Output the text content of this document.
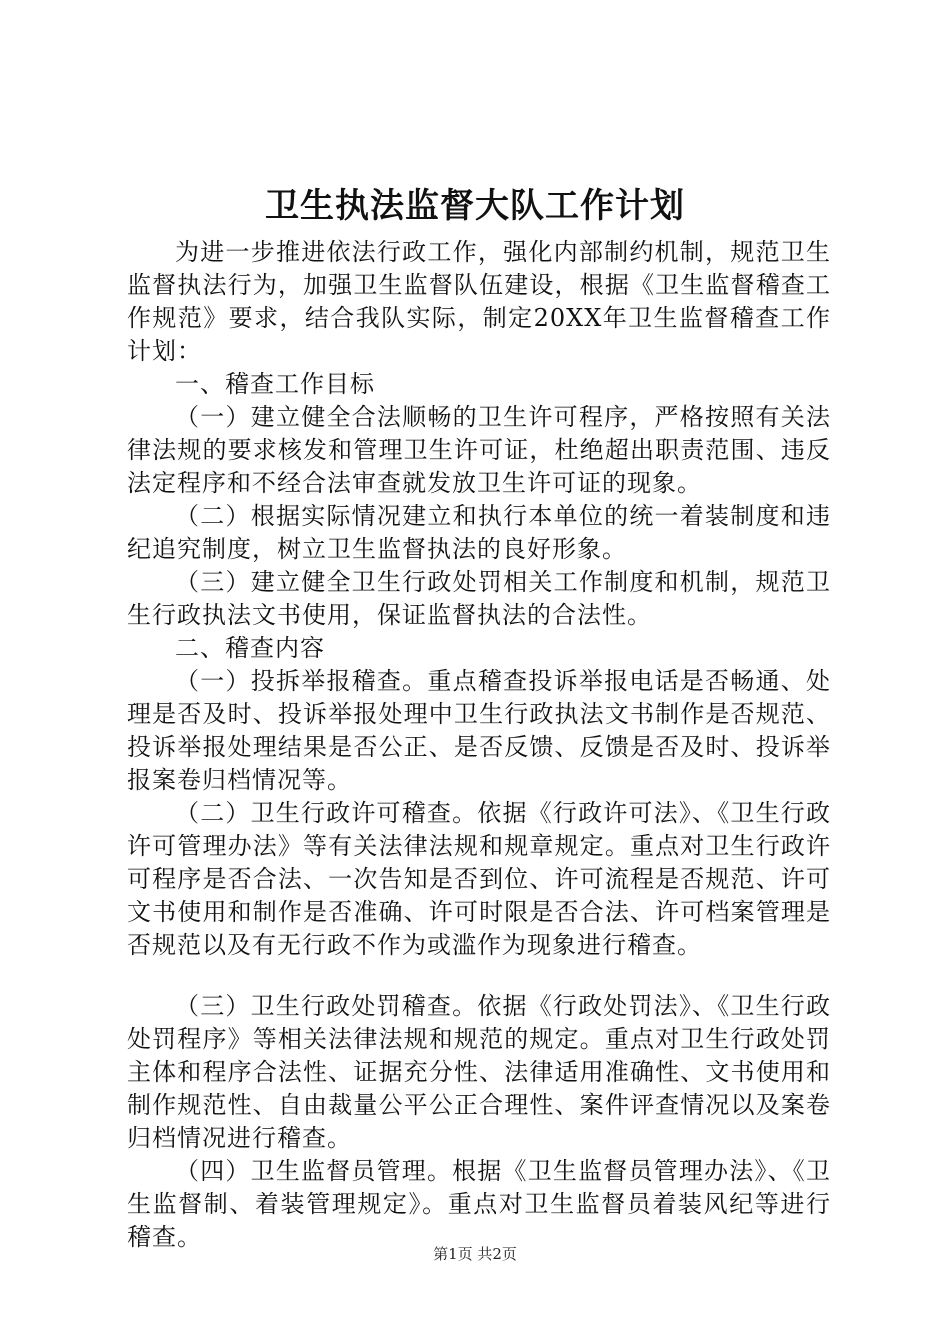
卫生执法监督大队工作计划

为进一步推进依法行政工作，强化内部制约机制，规范卫生监督执法行为，加强卫生监督队伍建设，根据《卫生监督稽查工作规范》要求，结合我队实际，制定20XX年卫生监督稽查工作计划：

一、稽查工作目标

（一）建立健全合法顺畅的卫生许可程序，严格按照有关法律法规的要求核发和管理卫生许可证，杜绝超出职责范围、违反法定程序和不经合法审查就发放卫生许可证的现象。

（二）根据实际情况建立和执行本单位的统一着装制度和违纪追究制度，树立卫生监督执法的良好形象。

（三）建立健全卫生行政处罚相关工作制度和机制，规范卫生行政执法文书使用，保证监督执法的合法性。

二、稽查内容

（一）投拆举报稽查。重点稽查投诉举报电话是否畅通、处理是否及时、投诉举报处理中卫生行政执法文书制作是否规范、投诉举报处理结果是否公正、是否反馈、反馈是否及时、投诉举报案卷归档情况等。

（二）卫生行政许可稽查。依据《行政许可法》、《卫生行政许可管理办法》等有关法律法规和规章规定。重点对卫生行政许可程序是否合法、一次告知是否到位、许可流程是否规范、许可文书使用和制作是否准确、许可时限是否合法、许可档案管理是否规范以及有无行政不作为或滥作为现象进行稽查。

（三）卫生行政处罚稽查。依据《行政处罚法》、《卫生行政处罚程序》等相关法律法规和规范的规定。重点对卫生行政处罚主体和程序合法性、证据充分性、法律适用准确性、文书使用和制作规范性、自由裁量公平公正合理性、案件评查情况以及案卷归档情况进行稽查。

（四）卫生监督员管理。根据《卫生监督员管理办法》、《卫生监督制、着装管理规定》。重点对卫生监督员着装风纪等进行稽查。

第1页 共2页
